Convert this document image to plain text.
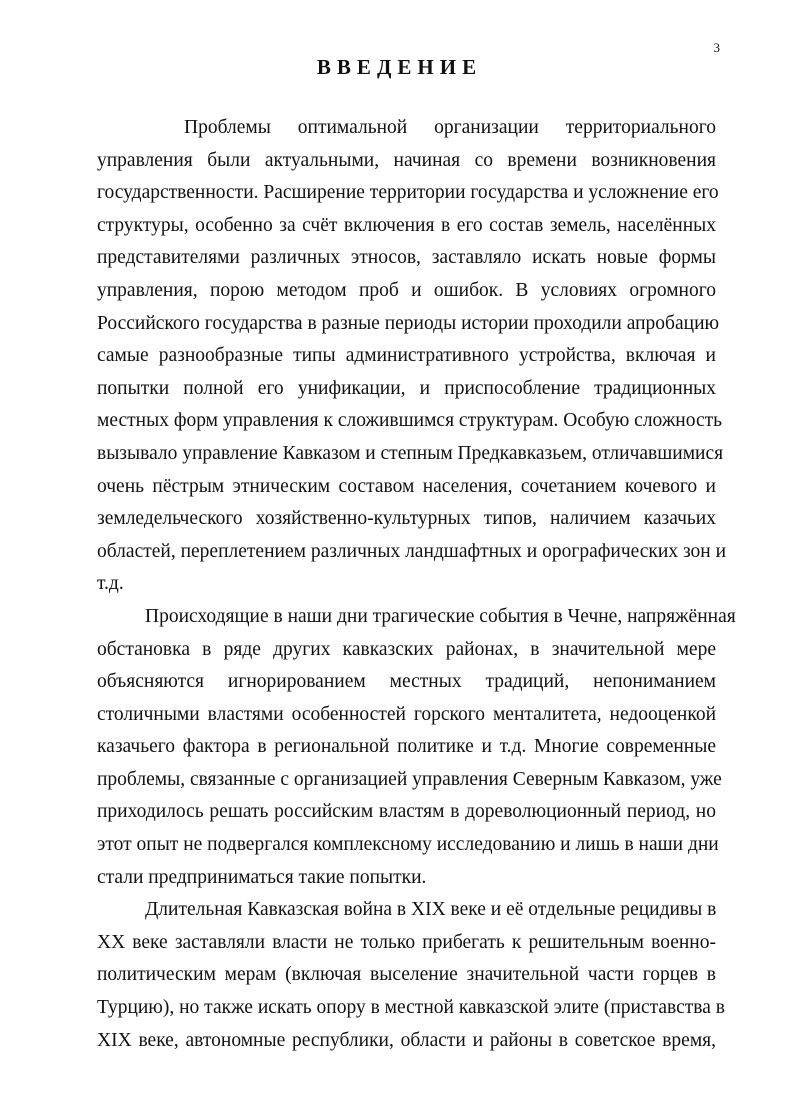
3
ВВЕДЕНИЕ
Проблемы оптимальной организации территориального
управления были актуальными, начиная со времени возникновения
государственности. Расширение территории государства и усложнение его
структуры, особенно за счёт включения в его состав земель, населённых
представителями различных этносов, заставляло искать новые формы
управления, порою методом проб и ошибок. В условиях огромного
Российского государства в разные периоды истории проходили апробацию
самые разнообразные типы административного устройства, включая и
попытки полной его унификации, и приспособление традиционных
местных форм управления к сложившимся структурам. Особую сложность
вызывало управление Кавказом и степным Предкавказьем, отличавшимися
очень пёстрым этническим составом населения, сочетанием кочевого и
земледельческого хозяйственно-культурных типов, наличием казачьих
областей, переплетением различных ландшафтных и орографических зон и
т.д.
Происходящие в наши дни трагические события в Чечне, напряжённая
обстановка в ряде других кавказских районах, в значительной мере
объясняются игнорированием местных традиций, непониманием
столичными властями особенностей горского менталитета, недооценкой
казачьего фактора в региональной политике и т.д. Многие современные
проблемы, связанные с организацией управления Северным Кавказом, уже
приходилось решать российским властям в дореволюционный период, но
этот опыт не подвергался комплексному исследованию и лишь в наши дни
стали предприниматься такие попытки.
Длительная Кавказская война в XIX веке и её отдельные рецидивы в
XX веке заставляли власти не только прибегать к решительным военно-
политическим мерам (включая выселение значительной части горцев в
Турцию), но также искать опору в местной кавказской элите (приставства в
XIX веке, автономные республики, области и районы в советское время,
